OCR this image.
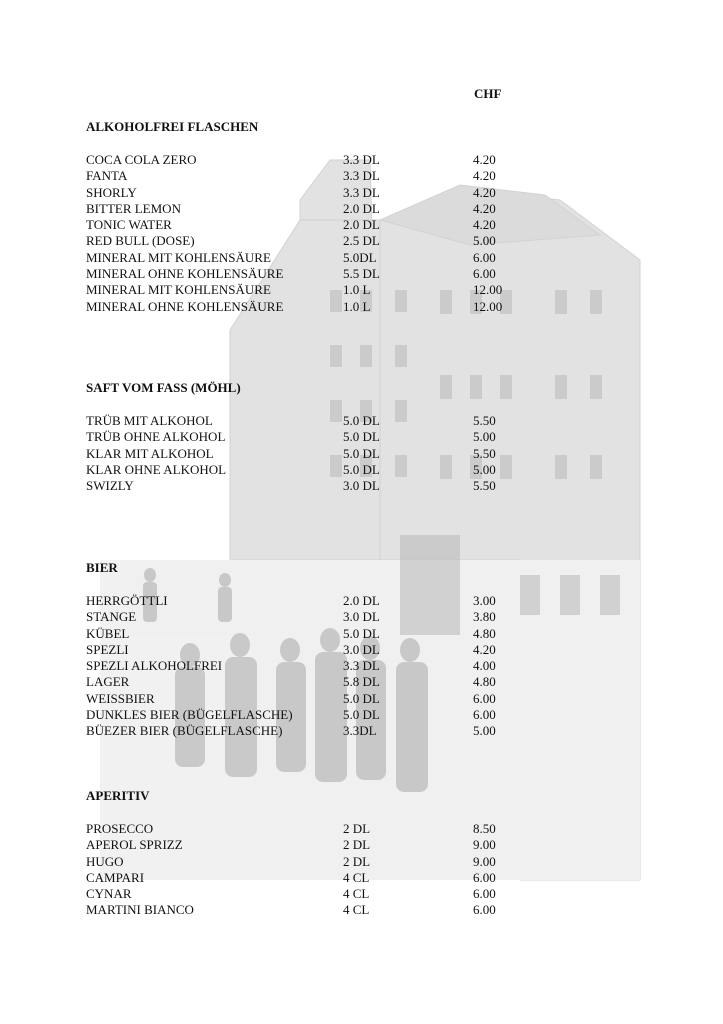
CHF
ALKOHOLFREI FLASCHEN
COCA COLA ZERO	3.3 DL	4.20
FANTA	3.3 DL	4.20
SHORLY	3.3 DL	4.20
BITTER LEMON	2.0 DL	4.20
TONIC WATER	2.0 DL	4.20
RED BULL (DOSE)	2.5 DL	5.00
MINERAL MIT KOHLENSÄURE	5.0DL	6.00
MINERAL OHNE KOHLENSÄURE	5.5 DL	6.00
MINERAL MIT KOHLENSÄURE	1.0 L	12.00
MINERAL OHNE KOHLENSÄURE	1.0 L	12.00
SAFT VOM FASS (MÖHL)
TRÜB MIT ALKOHOL	5.0 DL	5.50
TRÜB OHNE ALKOHOL	5.0 DL	5.00
KLAR MIT ALKOHOL	5.0 DL	5.50
KLAR OHNE ALKOHOL	5.0 DL	5.00
SWIZLY	3.0 DL	5.50
BIER
HERRGÖTTLI	2.0 DL	3.00
STANGE	3.0 DL	3.80
KÜBEL	5.0 DL	4.80
SPEZLI	3.0 DL	4.20
SPEZLI ALKOHOLFREI	3.3 DL	4.00
LAGER	5.8 DL	4.80
WEISSBIER	5.0 DL	6.00
DUNKLES BIER (BÜGELFLASCHE)	5.0 DL	6.00
BÜEZER BIER (BÜGELFLASCHE)	3.3DL	5.00
APERITIV
PROSECCO	2 DL	8.50
APEROL SPRIZZ	2 DL	9.00
HUGO	2 DL	9.00
CAMPARI	4 CL	6.00
CYNAR	4 CL	6.00
MARTINI BIANCO	4 CL	6.00
